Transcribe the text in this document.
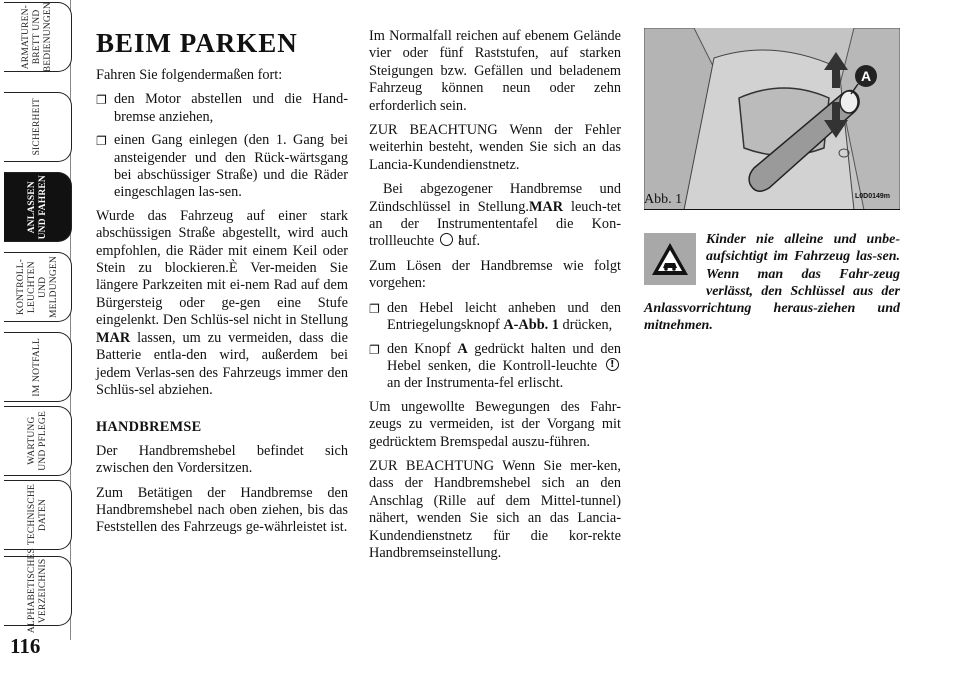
ARMATUREN-
BRETT UND
BEDIENUNGEN
SICHERHEIT
ANLASSEN
UND FAHREN
KONTROLL-
LEUCHTEN UND
MELDUNGEN
IM NOTFALL
WARTUNG
UND PFLEGE
TECHNISCHE
DATEN
ALPHABETISCHES
VERZEICHNIS
116
BEIM PARKEN

Fahren Sie folgendermaßen fort:

❐ den Motor abstellen und die Hand-bremse anziehen,
❐ einen Gang einlegen (den 1. Gang bei ansteigender und den Rück-wärtsgang bei abschüssiger Straße) und die Räder eingeschlagen las-sen.

Wurde das Fahrzeug auf einer stark abschüssigen Straße abgestellt, wird auch empfohlen, die Räder mit einem Keil oder Stein zu blockieren.È Ver-meiden Sie längere Parkzeiten mit ei-nem Rad auf dem Bürgersteig oder ge-gen eine Stufe eingelenkt. Den Schlüs-sel nicht in Stellung MAR lassen, um zu vermeiden, dass die Batterie entla-den wird, außerdem bei jedem Verlas-sen des Fahrzeugs immer den Schlüs-sel abziehen.

HANDBREMSE

Der Handbremshebel befindet sich zwischen den Vordersitzen.

Zum Betätigen der Handbremse den Handbremshebel nach oben ziehen, bis das Feststellen des Fahrzeugs ge-währleistet ist.

Im Normalfall reichen auf ebenem Gelände vier oder fünf Raststufen, auf starken Steigungen bzw. Gefällen und beladenem Fahrzeug können neun oder zehn erforderlich sein.

ZUR BEACHTUNG Wenn der Fehler weiterhin besteht, wenden Sie sich an das Lancia-Kundendienstnetz.

Bei abgezogener Handbremse und Zündschlüssel in Stellung.MAR leuch-tet an der Instrumententafel die Kon-trollleuchte ! auf.

Zum Lösen der Handbremse wie folgt vorgehen:

❐ den Hebel leicht anheben und den Entriegelungsknopf A-Abb. 1 drücken,
❐ den Knopf A gedrückt halten und den Hebel senken, die Kontroll-leuchte ! an der Instrumenta-fel erlischt.

Um ungewollte Bewegungen des Fahr-zeugs zu vermeiden, ist der Vorgang mit gedrücktem Bremspedal auszu-führen.

ZUR BEACHTUNG Wenn Sie mer-ken, dass der Handbremshebel sich an den Anschlag (Rille auf dem Mittel-tunnel) nähert, wenden Sie sich an das Lancia-Kundendienstnetz für die kor-rekte Handbremseinstellung.

A
Abb. 1	L0D0149m
Kinder nie alleine und unbe-aufsichtigt im Fahrzeug las-sen. Wenn man das Fahr-zeug verlässt, den Schlüssel aus der Anlassvorrichtung heraus-ziehen und mitnehmen.
